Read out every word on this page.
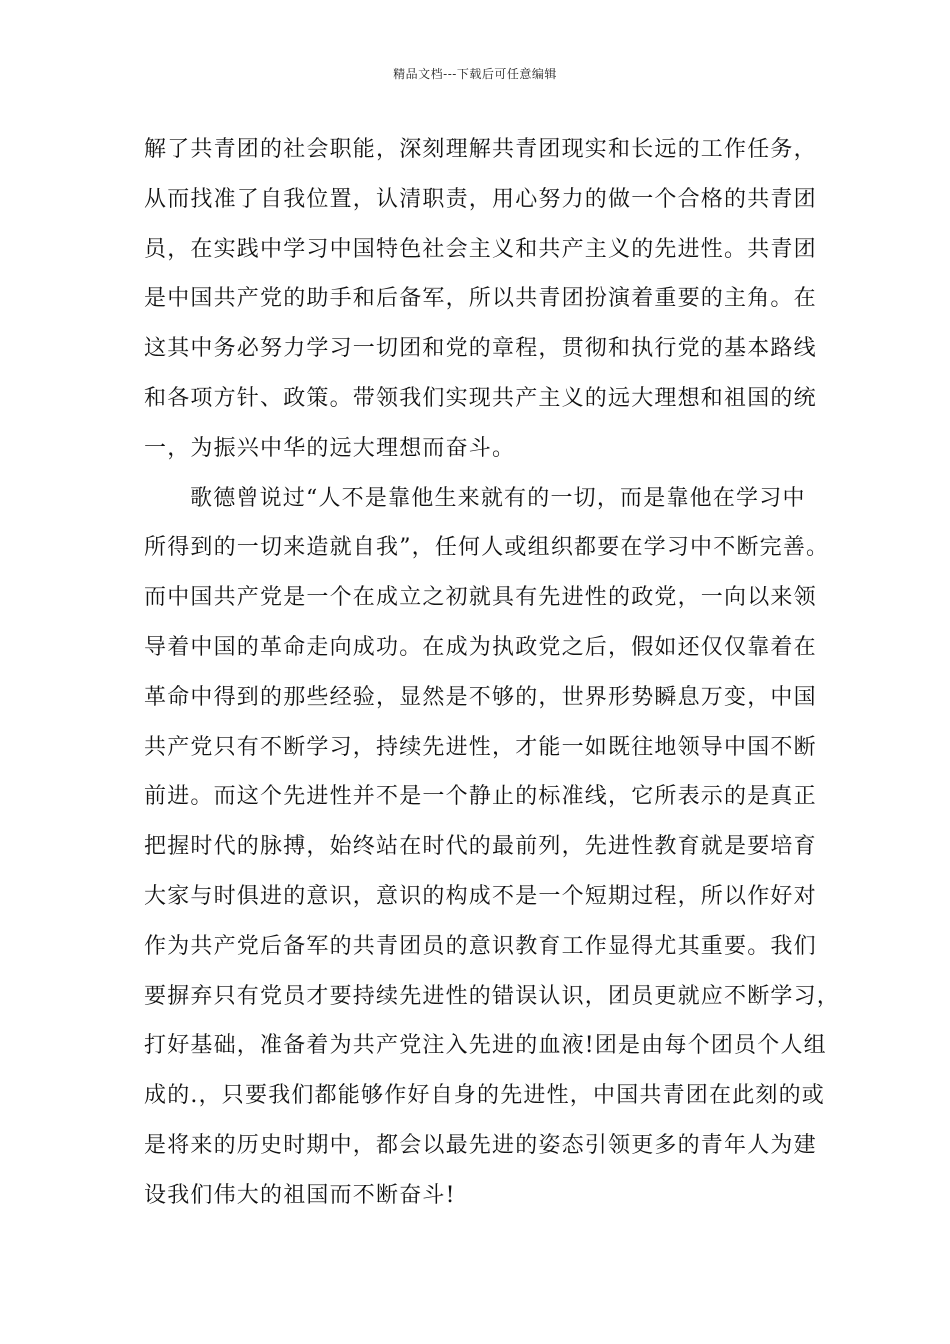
精品文档---下载后可任意编辑
解了共青团的社会职能，深刻理解共青团现实和长远的工作任务，
从而找准了自我位置，认清职责，用心努力的做一个合格的共青团
员，在实践中学习中国特色社会主义和共产主义的先进性。共青团
是中国共产党的助手和后备军，所以共青团扮演着重要的主角。在
这其中务必努力学习一切团和党的章程，贯彻和执行党的基本路线
和各项方针、政策。带领我们实现共产主义的远大理想和祖国的统
一，为振兴中华的远大理想而奋斗。
歌德曾说过“人不是靠他生来就有的一切，而是靠他在学习中
所得到的一切来造就自我”，任何人或组织都要在学习中不断完善。
而中国共产党是一个在成立之初就具有先进性的政党，一向以来领
导着中国的革命走向成功。在成为执政党之后，假如还仅仅靠着在
革命中得到的那些经验，显然是不够的，世界形势瞬息万变，中国
共产党只有不断学习，持续先进性，才能一如既往地领导中国不断
前进。而这个先进性并不是一个静止的标准线，它所表示的是真正
把握时代的脉搏，始终站在时代的最前列，先进性教育就是要培育
大家与时俱进的意识，意识的构成不是一个短期过程，所以作好对
作为共产党后备军的共青团员的意识教育工作显得尤其重要。我们
要摒弃只有党员才要持续先进性的错误认识，团员更就应不断学习，
打好基础，准备着为共产党注入先进的血液!团是由每个团员个人组
成的.，只要我们都能够作好自身的先进性，中国共青团在此刻的或
是将来的历史时期中，都会以最先进的姿态引领更多的青年人为建
设我们伟大的祖国而不断奋斗!
